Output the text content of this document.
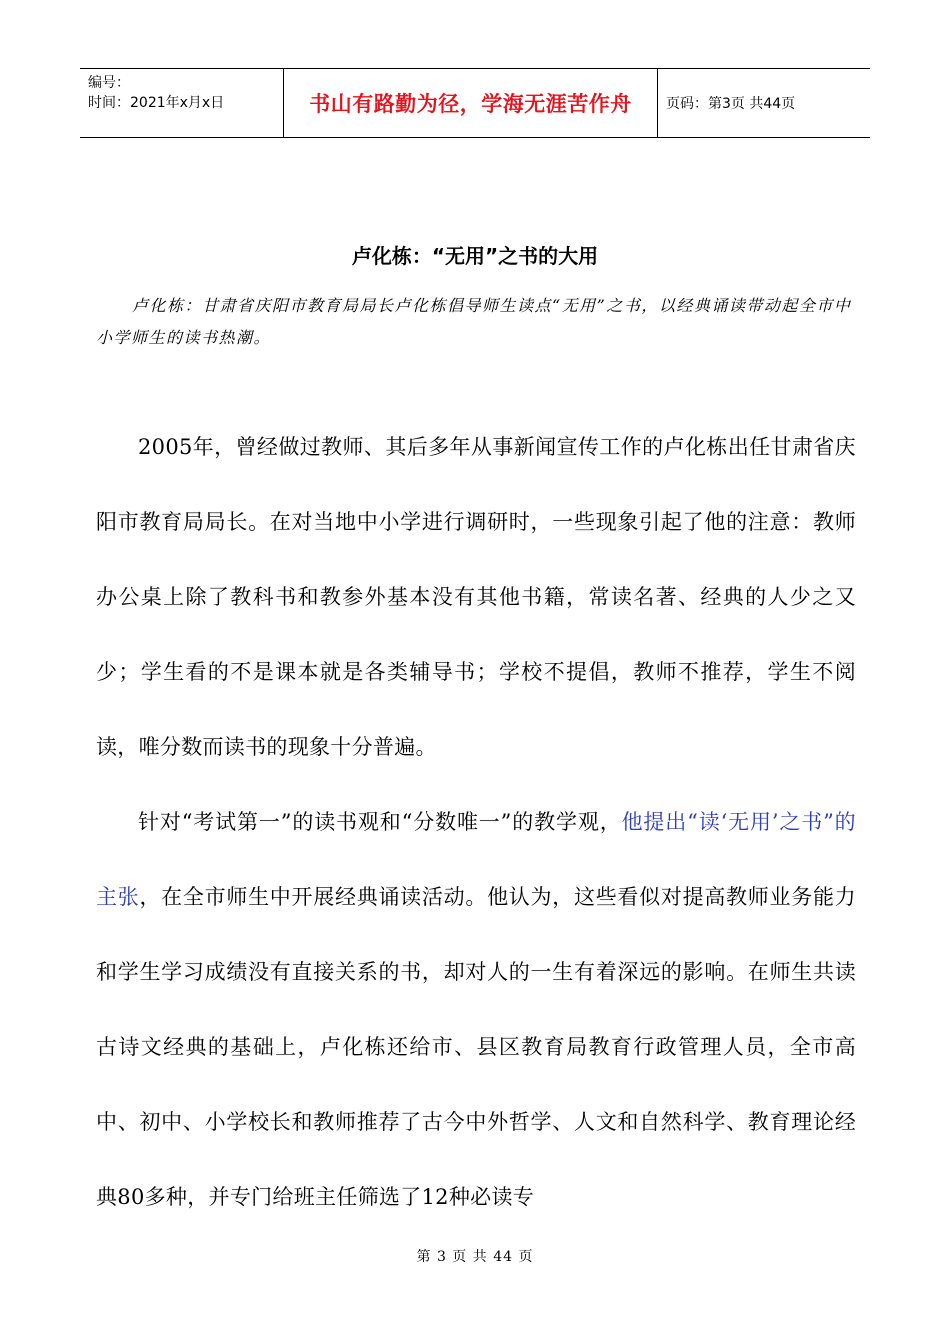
编号：
时间：2021年x月x日	书山有路勤为径，学海无涯苦作舟	页码：第3页 共44页
卢化栋：“无用”之书的大用
卢化栋：甘肃省庆阳市教育局局长卢化栋倡导师生读点“无用”之书，以经典诵读带动起全市中小学师生的读书热潮。

2005年，曾经做过教师、其后多年从事新闻宣传工作的卢化栋出任甘肃省庆阳市教育局局长。在对当地中小学进行调研时，一些现象引起了他的注意：教师办公桌上除了教科书和教参外基本没有其他书籍，常读名著、经典的人少之又少；学生看的不是课本就是各类辅导书；学校不提倡，教师不推荐，学生不阅读，唯分数而读书的现象十分普遍。

针对“考试第一”的读书观和“分数唯一”的教学观，他提出“读‘无用’之书”的主张，在全市师生中开展经典诵读活动。他认为，这些看似对提高教师业务能力和学生学习成绩没有直接关系的书，却对人的一生有着深远的影响。在师生共读古诗文经典的基础上，卢化栋还给市、县区教育局教育行政管理人员，全市高中、初中、小学校长和教师推荐了古今中外哲学、人文和自然科学、教育理论经典80多种，并专门给班主任筛选了12种必读专

第 3 页 共 44 页
